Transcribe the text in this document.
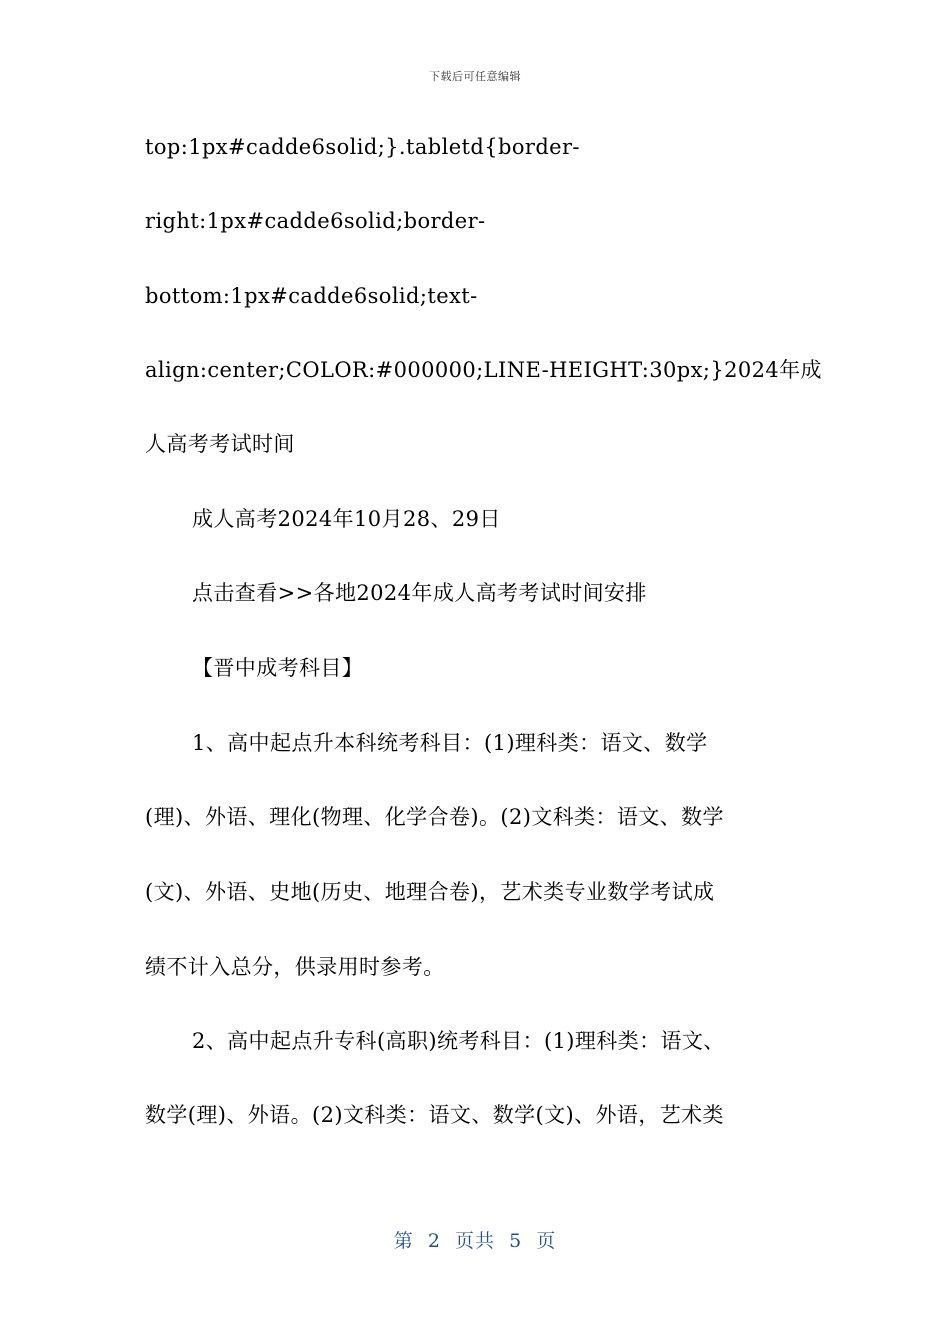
下载后可任意编辑
top:1px#cadde6solid;}.tabletd{border-
right:1px#cadde6solid;border-
bottom:1px#cadde6solid;text-
align:center;COLOR:#000000;LINE-HEIGHT:30px;}2024年成
人高考考试时间
成人高考2024年10月28、29日
点击查看>>各地2024年成人高考考试时间安排
【晋中成考科目】
1、高中起点升本科统考科目：(1)理科类：语文、数学
(理)、外语、理化(物理、化学合卷)。(2)文科类：语文、数学
(文)、外语、史地(历史、地理合卷)，艺术类专业数学考试成
绩不计入总分，供录用时参考。
2、高中起点升专科(高职)统考科目：(1)理科类：语文、
数学(理)、外语。(2)文科类：语文、数学(文)、外语，艺术类
第  2  页共  5  页
